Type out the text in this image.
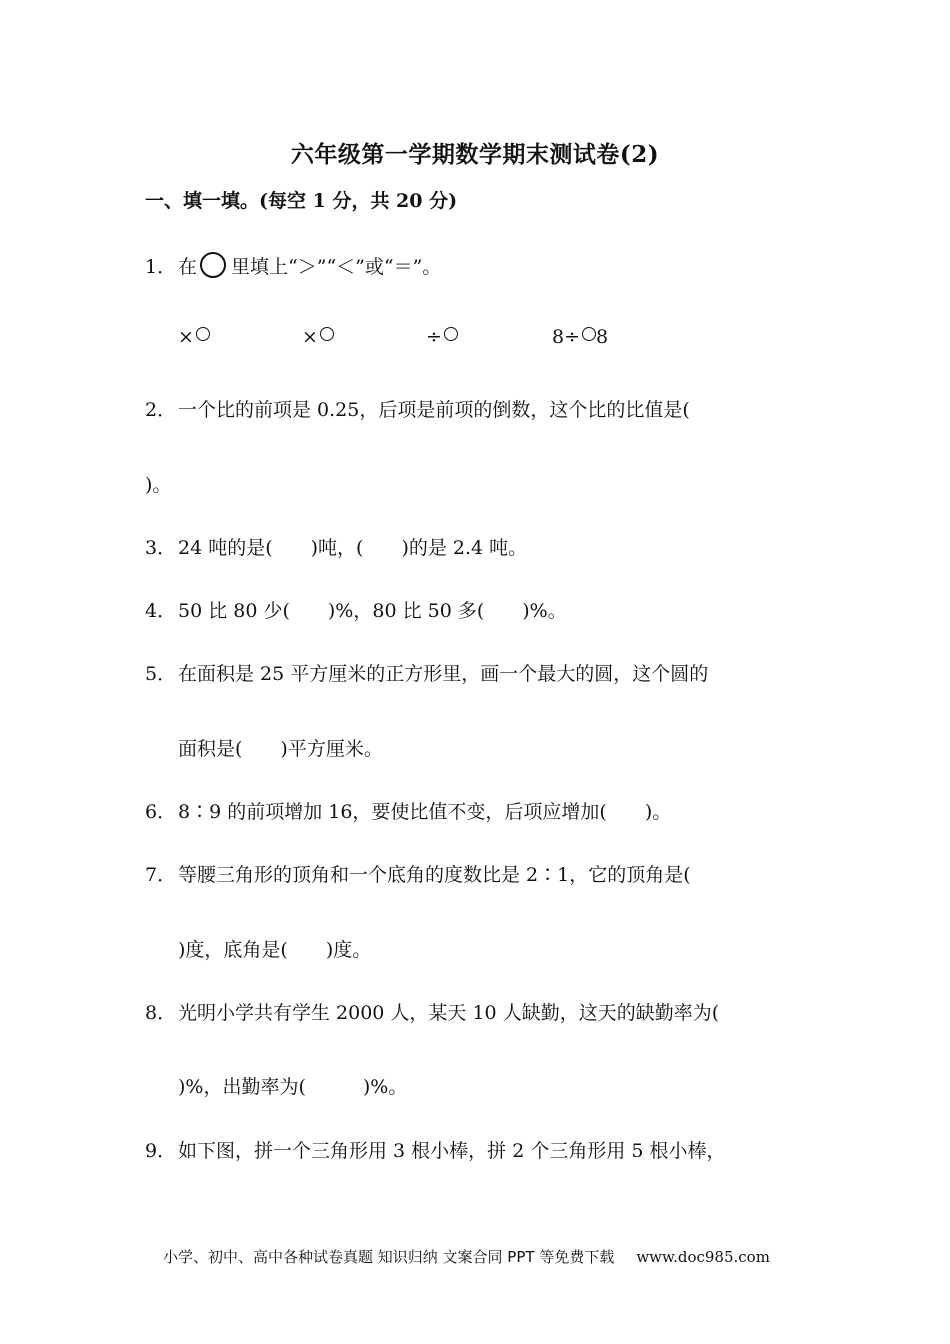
六年级第一学期数学期末测试卷(2)
一、填一填。(每空 1 分，共 20 分)
1． 在 里填上“＞”“＜”或“＝”。
×	×	÷	8÷ 8
2． 一个比的前项是 0.25，后项是前项的倒数，这个比的比值是(
)。
3． 24 吨的是(　　)吨，(　　)的是 2.4 吨。
4． 50 比 80 少(　　)%，80 比 50 多(　　)%。
5． 在面积是 25 平方厘米的正方形里，画一个最大的圆，这个圆的
面积是(　　)平方厘米。
6． 8∶9 的前项增加 16，要使比值不变，后项应增加(　　)。
7． 等腰三角形的顶角和一个底角的度数比是 2∶1，它的顶角是(
)度，底角是(　　)度。
8． 光明小学共有学生 2000 人，某天 10 人缺勤，这天的缺勤率为(
)%，出勤率为(　　　)%。
9． 如下图，拼一个三角形用 3 根小棒，拼 2 个三角形用 5 根小棒，
小学、初中、高中各种试卷真题 知识归纳 文案合同 PPT 等免费下载 www.doc985.com
